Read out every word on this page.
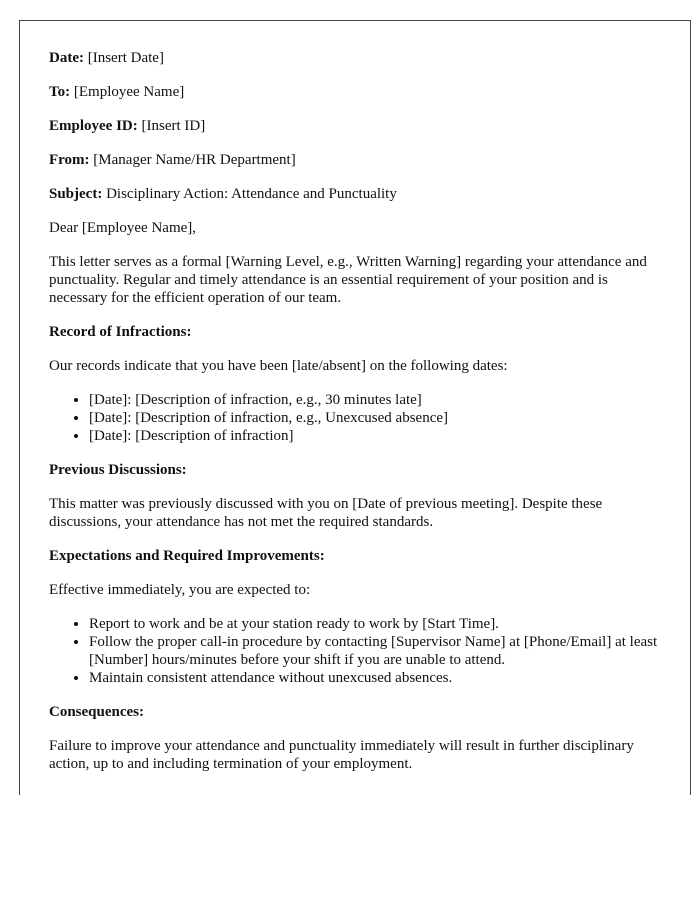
Date: [Insert Date]

To: [Employee Name]

Employee ID: [Insert ID]

From: [Manager Name/HR Department]

Subject: Disciplinary Action: Attendance and Punctuality

Dear [Employee Name],

This letter serves as a formal [Warning Level, e.g., Written Warning] regarding your attendance and punctuality. Regular and timely attendance is an essential requirement of your position and is necessary for the efficient operation of our team.

Record of Infractions:

Our records indicate that you have been [late/absent] on the following dates:

• [Date]: [Description of infraction, e.g., 30 minutes late]
• [Date]: [Description of infraction, e.g., Unexcused absence]
• [Date]: [Description of infraction]

Previous Discussions:

This matter was previously discussed with you on [Date of previous meeting]. Despite these discussions, your attendance has not met the required standards.

Expectations and Required Improvements:

Effective immediately, you are expected to:

• Report to work and be at your station ready to work by [Start Time].
• Follow the proper call-in procedure by contacting [Supervisor Name] at [Phone/Email] at least [Number] hours/minutes before your shift if you are unable to attend.
• Maintain consistent attendance without unexcused absences.

Consequences:

Failure to improve your attendance and punctuality immediately will result in further disciplinary action, up to and including termination of your employment.
